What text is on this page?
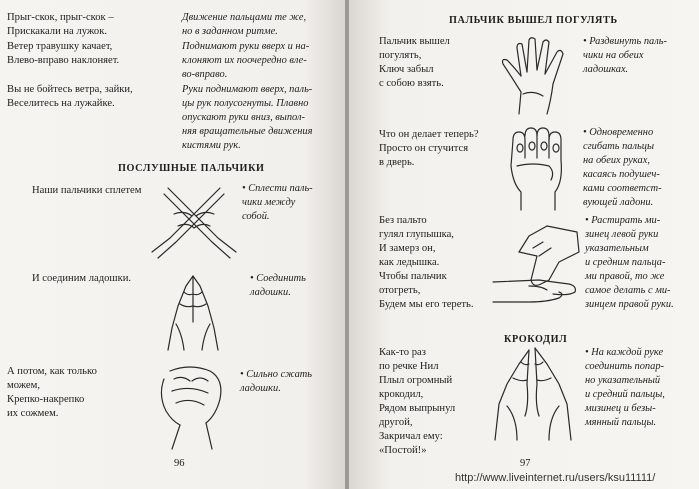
Прыг-скок, прыг-скок –
Прискакали на лужок.
Движение пальцами те же,
но в заданном ритме.
Ветер травушку качает,
Влево-вправо наклоняет.
Поднимают руки вверх и на-
клоняют их поочередно вле-
во-вправо.
Вы не бойтесь ветра, зайки,
Веселитесь на лужайке.
Руки поднимают вверх, паль-
цы рук полусогнуты. Плавно
опускают руки вниз, выпол-
няя вращательные движения
кистями рук.
ПОСЛУШНЫЕ ПАЛЬЧИКИ
Наши пальчики сплетем	• Сплести паль-
чики между
собой.
И соединим ладошки.	• Соединить
ладошки.
А потом, как только
можем,
Крепко-накрепко
их сожмем.
• Сильно сжать
ладошки.
96
ПАЛЬЧИК ВЫШЕЛ ПОГУЛЯТЬ
Пальчик вышел
погулять,
Ключ забыл
с собою взять.
• Раздвинуть паль-
чики на обеих
ладошках.
Что он делает теперь?
Просто он стучится
в дверь.
• Одновременно
сгибать пальцы
на обеих руках,
касаясь подушеч-
ками соответст-
вующей ладони.
Без пальто
гулял глупышка,
И замерз он,
как ледышка.
Чтобы пальчик
отогреть,
Будем мы его тереть.
• Растирать ми-
зинец левой руки
указательным
и средним пальца-
ми правой, то же
самое делать с ми-
зинцем правой руки.
КРОКОДИЛ
Как-то раз
по речке Нил
Плыл огромный
крокодил,
Рядом выпрынул
другой,
Закричал ему:
«Постой!»
• На каждой руке
соединить попар-
но указательный
и средний пальцы,
мизинец и безы-
мянный пальцы.
97
http://www.liveinternet.ru/users/ksu11111/
